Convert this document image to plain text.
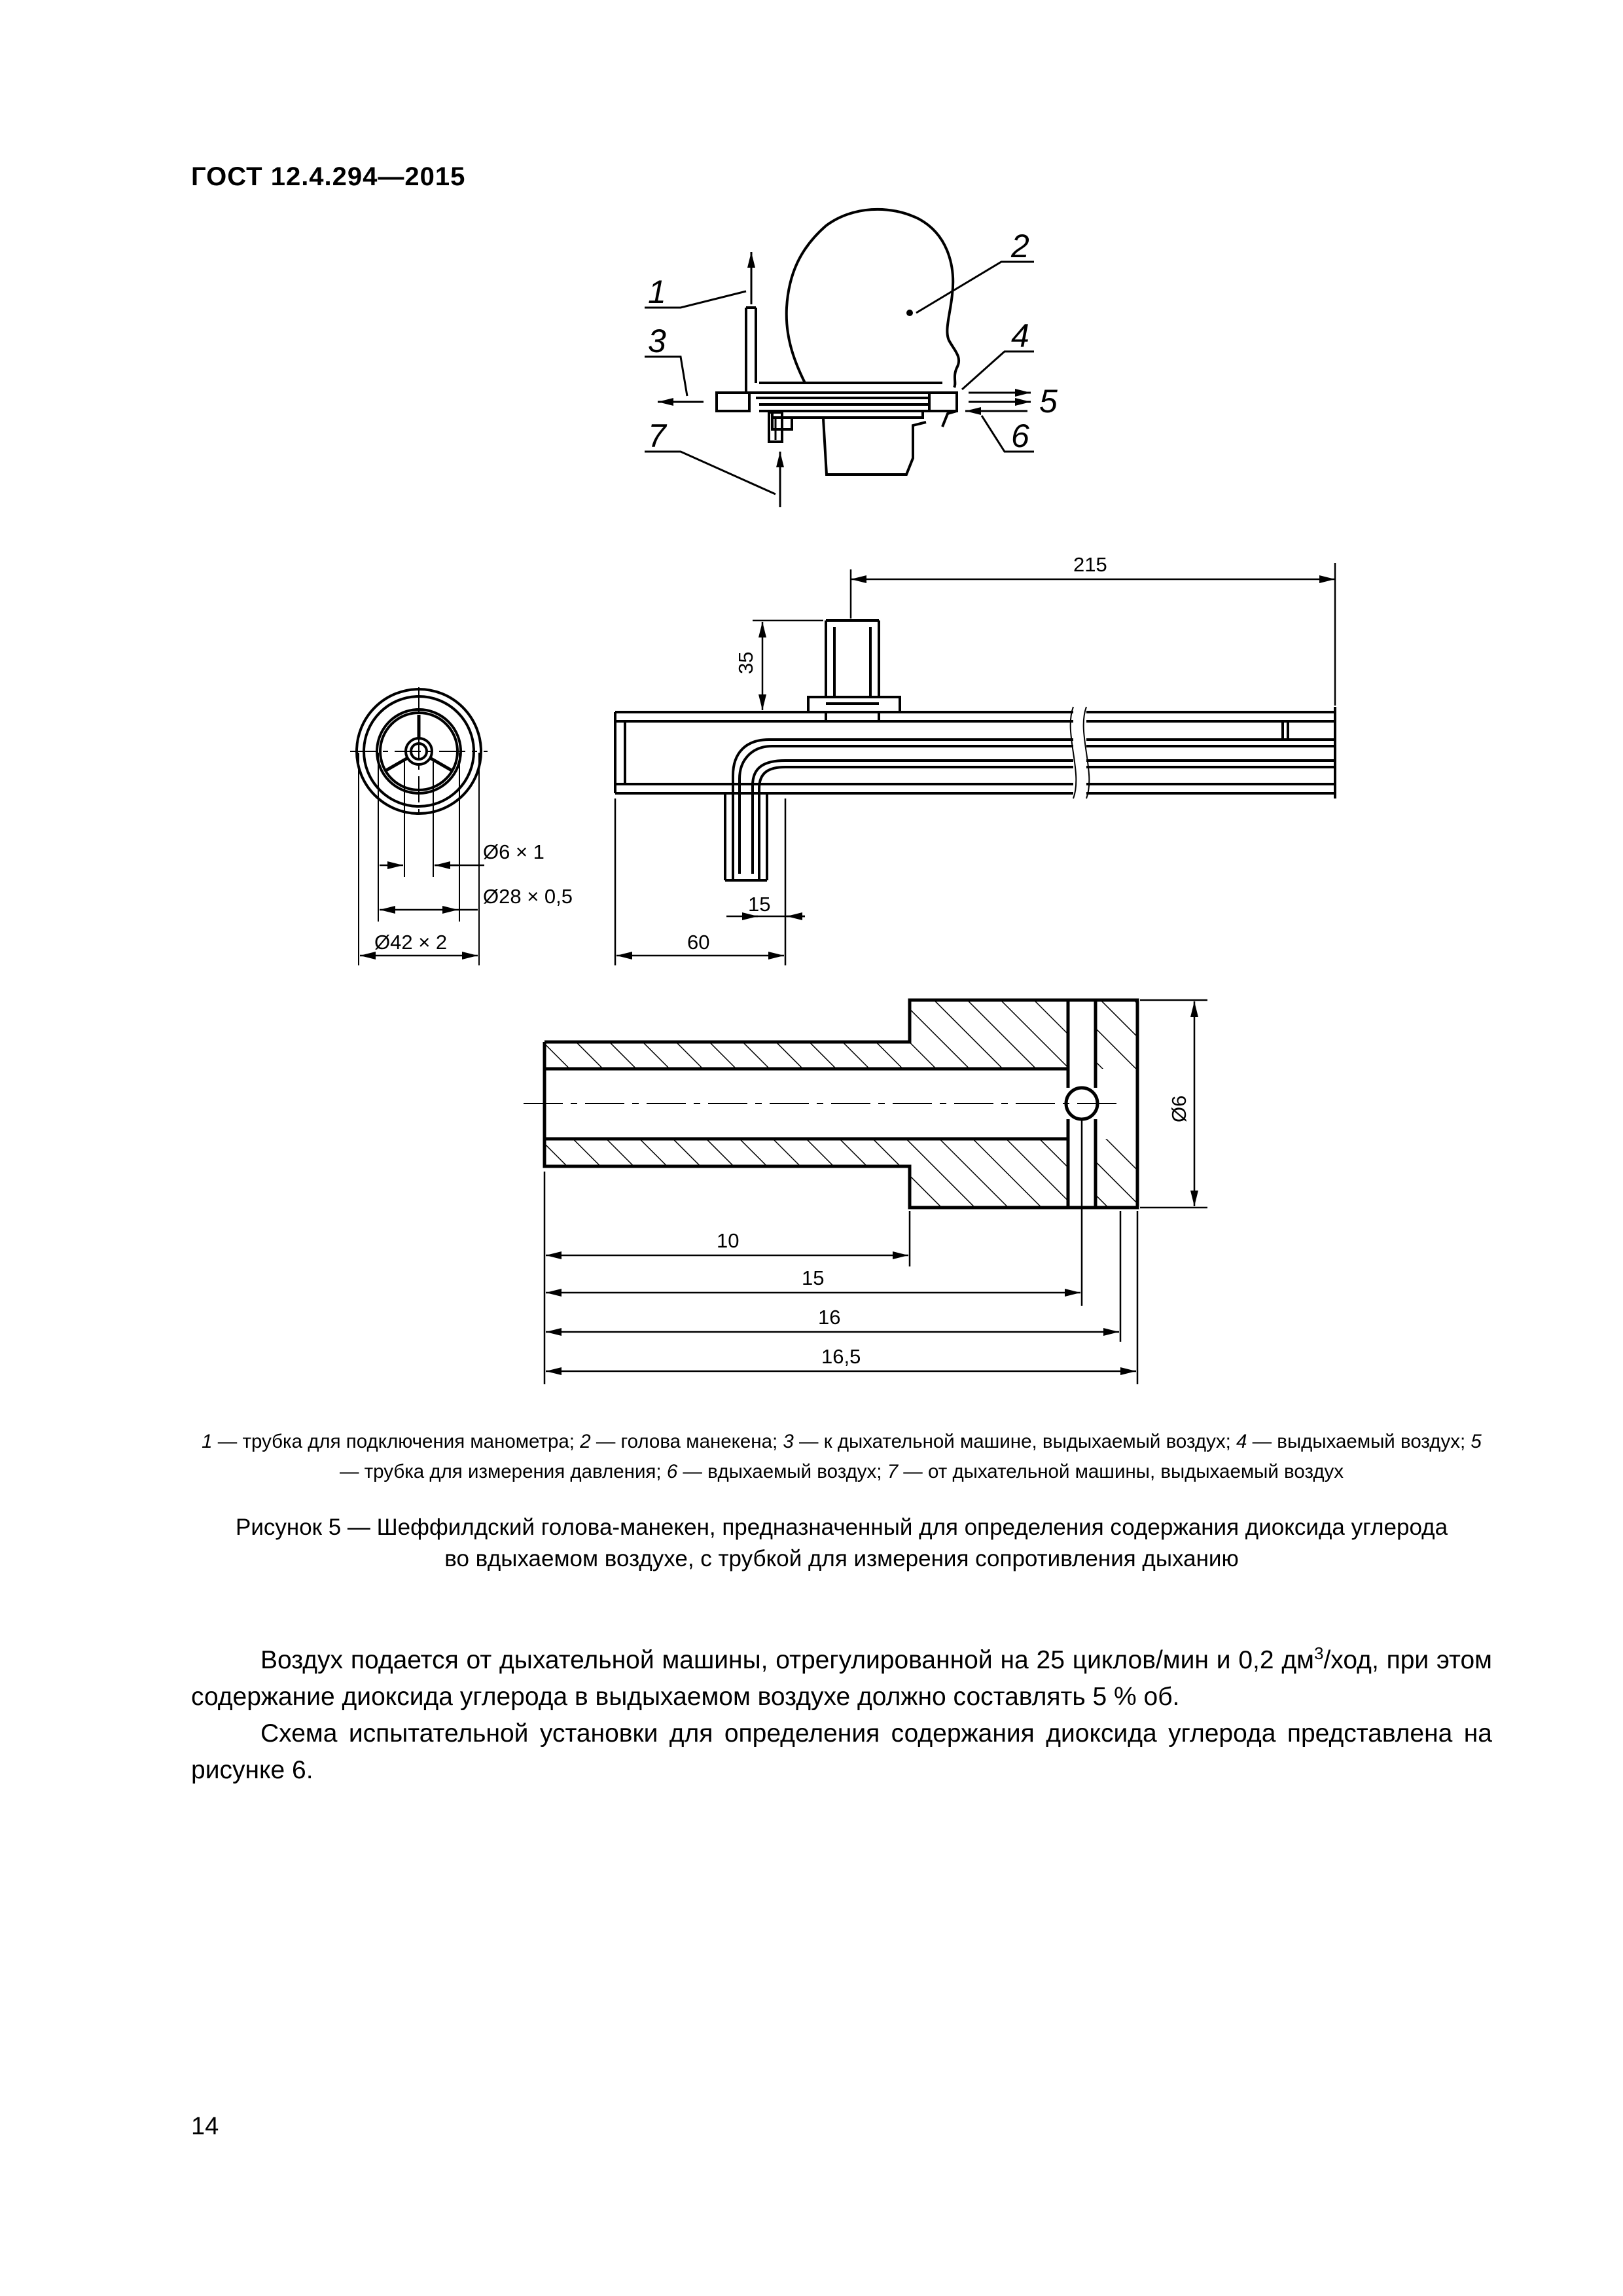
ГОСТ 12.4.294—2015
1
2
3	4
5
6
7
Ø6 × 1
Ø28 × 0,5
Ø42 × 2
215
35
15
60
Ø6
10
15
16
16,5
1 — трубка для подключения манометра; 2 — голова манекена; 3 — к дыхательной машине, выдыхаемый воздух; 4 — выдыхаемый воздух; 5 — трубка для измерения давления; 6 — вдыхаемый воздух; 7 — от дыхательной машины, выдыхаемый воздух
Рисунок 5 — Шеффилдский голова-манекен, предназначенный для определения содержания диоксида углерода
во вдыхаемом воздухе, с трубкой для измерения сопротивления дыханию

Воздух подается от дыхательной машины, отрегулированной на 25 циклов/мин и 0,2 $дм^3$/ход, при этом содержание диоксида углерода в выдыхаемом воздухе должно составлять 5 % об.

Схема испытательной установки для определения содержания диоксида углерода представлена на рисунке 6.

14
